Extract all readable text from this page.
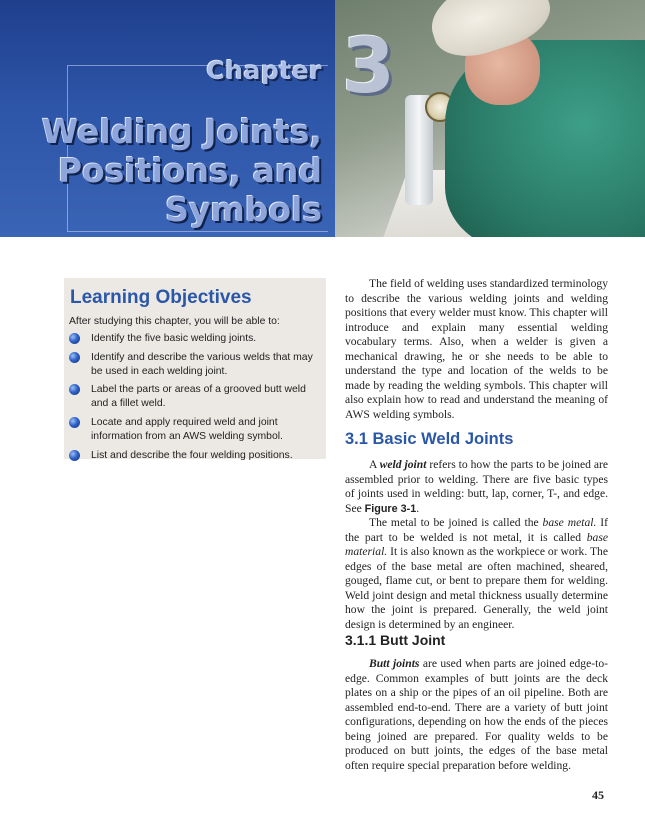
Chapter 3
Welding Joints,
Positions, and
Symbols
Learning Objectives
After studying this chapter, you will be able to:
Identify the five basic welding joints.
Identify and describe the various welds that may be used in each welding joint.
Label the parts or areas of a grooved butt weld and a fillet weld.
Locate and apply required weld and joint information from an AWS welding symbol.
List and describe the four welding positions.

The field of welding uses standardized terminology to describe the various welding joints and welding positions that every welder must know. This chapter will introduce and explain many essential welding vocabulary terms. Also, when a welder is given a mechanical drawing, he or she needs to be able to understand the type and location of the welds to be made by reading the welding symbols. This chapter will also explain how to read and understand the meaning of AWS welding symbols.

3.1 Basic Weld Joints

A weld joint refers to how the parts to be joined are assembled prior to welding. There are five basic types of joints used in welding: butt, lap, corner, T-, and edge. See Figure 3-1.

The metal to be joined is called the base metal. If the part to be welded is not metal, it is called base material. It is also known as the workpiece or work. The edges of the base metal are often machined, sheared, gouged, flame cut, or bent to prepare them for welding. Weld joint design and metal thickness usually determine how the joint is prepared. Generally, the weld joint design is determined by an engineer.

3.1.1 Butt Joint

Butt joints are used when parts are joined edge-to-edge. Common examples of butt joints are the deck plates on a ship or the pipes of an oil pipeline. Both are assembled end-to-end. There are a variety of butt joint configurations, depending on how the ends of the pieces being joined are prepared. For quality welds to be produced on butt joints, the edges of the base metal often require special preparation before welding.

45
